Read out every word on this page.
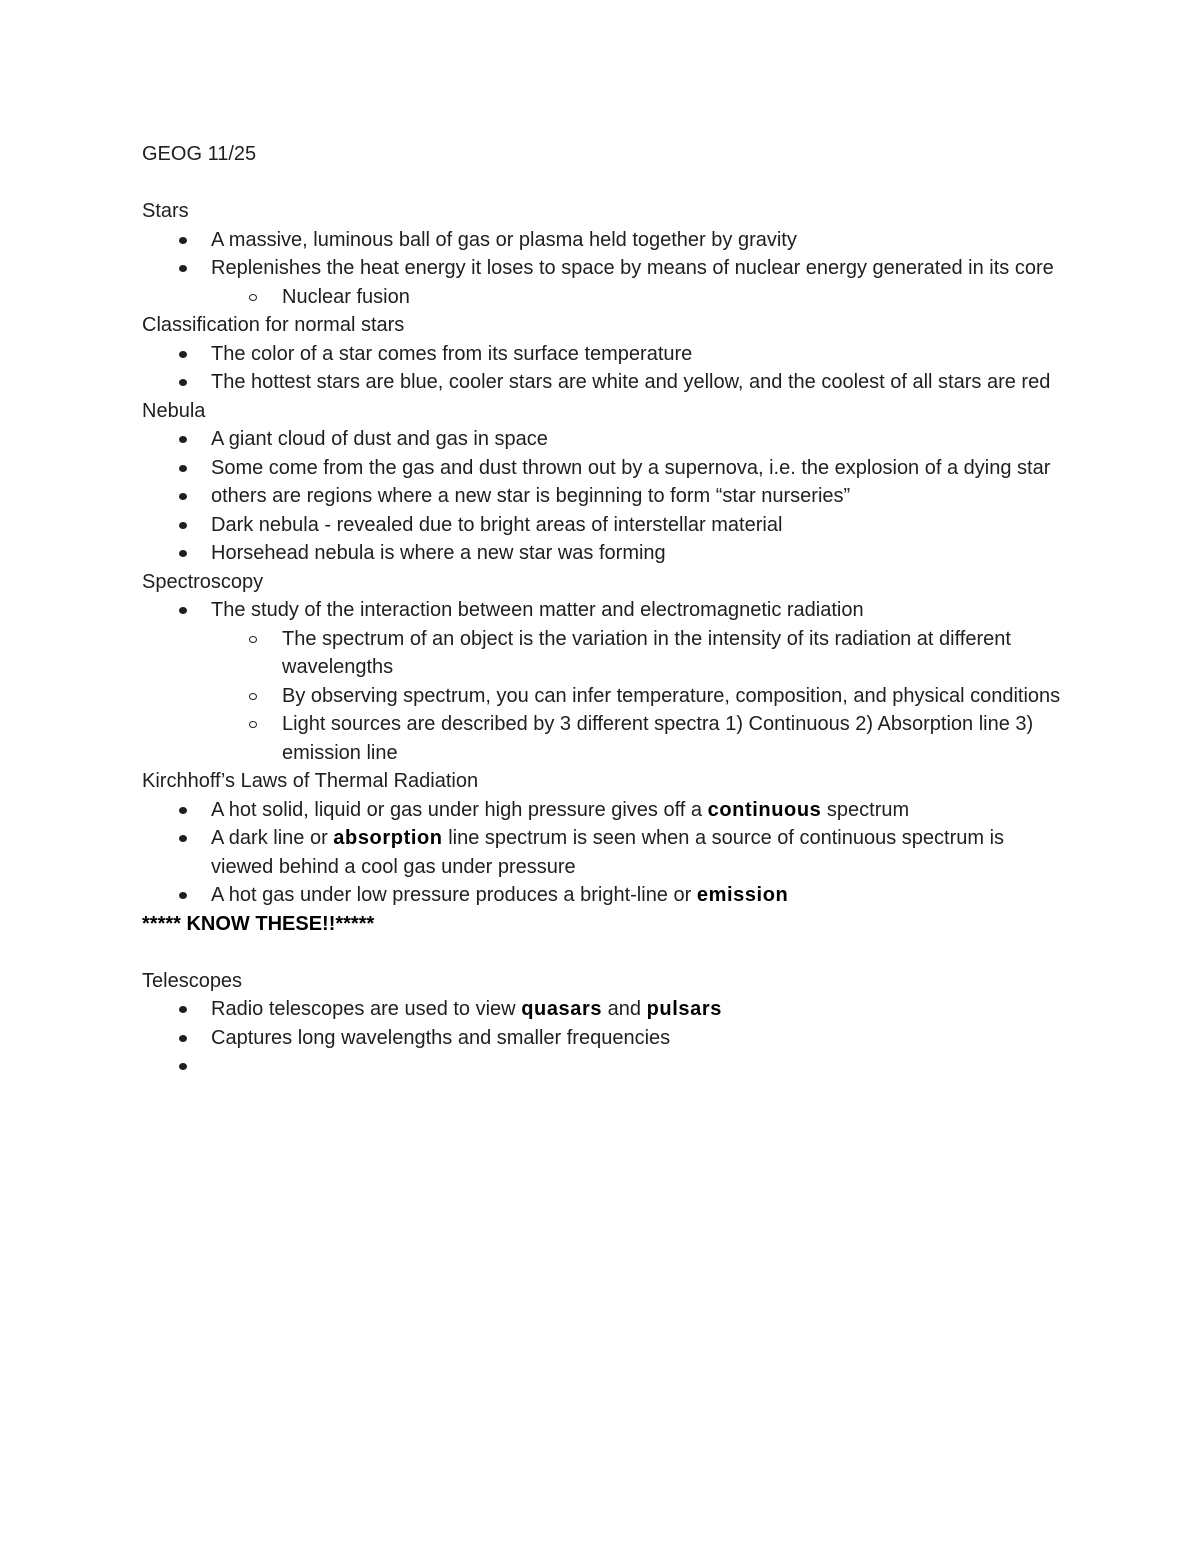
GEOG 11/25

Stars

A massive, luminous ball of gas or plasma held together by gravity
Replenishes the heat energy it loses to space by means of nuclear energy generated in its core
Nuclear fusion

Classification for normal stars

The color of a star comes from its surface temperature
The hottest stars are blue, cooler stars are white and yellow, and the coolest of all stars are red

Nebula

A giant cloud of dust and gas in space
Some come from the gas and dust thrown out by a supernova, i.e. the explosion of a dying star
others are regions where a new star is beginning to form “star nurseries”
Dark nebula - revealed due to bright areas of interstellar material
Horsehead nebula is where a new star was forming

Spectroscopy

The study of the interaction between matter and electromagnetic radiation
The spectrum of an object is the variation in the intensity of its radiation at different wavelengths
By observing spectrum, you can infer temperature, composition, and physical conditions
Light sources are described by 3 different spectra 1) Continuous 2) Absorption line 3) emission line

Kirchhoff’s Laws of Thermal Radiation

A hot solid, liquid or gas under high pressure gives off a continuous spectrum
A dark line or absorption line spectrum is seen when a source of continuous spectrum is viewed behind a cool gas under pressure
A hot gas under low pressure produces a bright-line or emission

***** KNOW THESE!!*****

Telescopes

Radio telescopes are used to view quasars and pulsars
Captures long wavelengths and smaller frequencies
